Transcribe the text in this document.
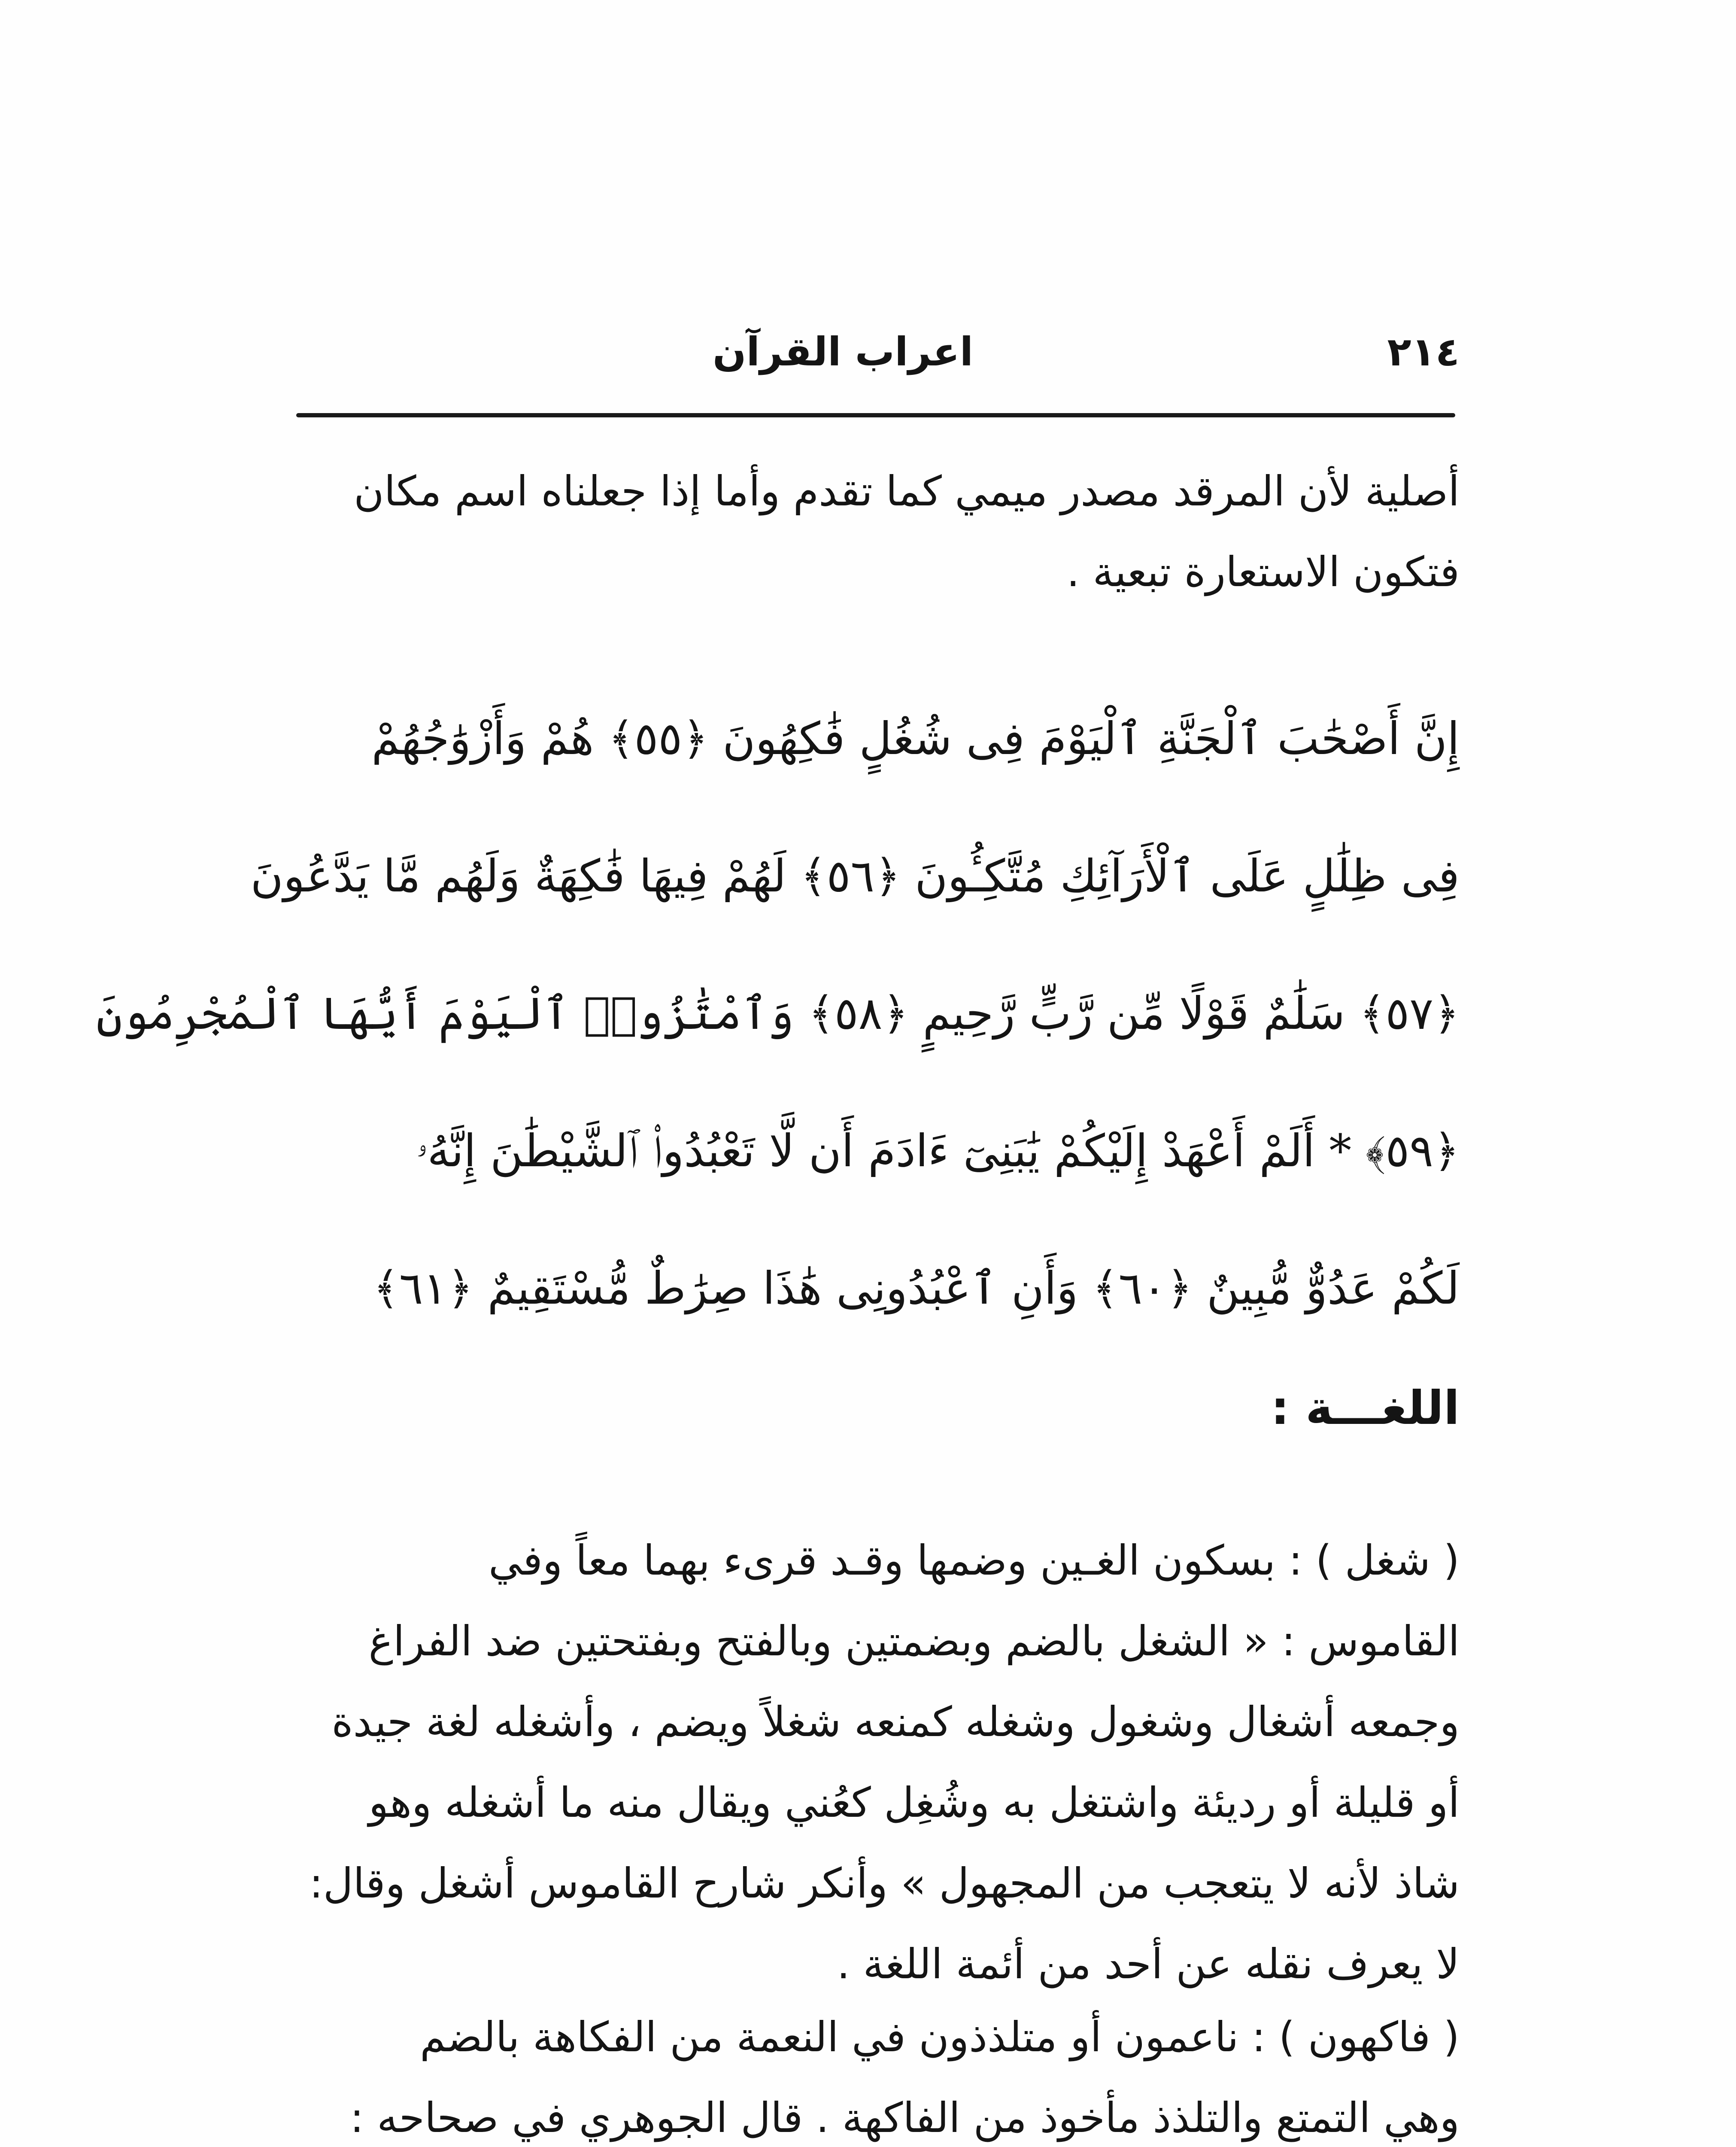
٢١٤
اعراب القرآن
أصلية لأن المرقد مصدر ميمي كما تقدم وأما إذا جعلناه اسم مكان
فتكون الاستعارة تبعية .
إِنَّ أَصْحَٰبَ ٱلْجَنَّةِ ٱلْيَوْمَ فِى شُغُلٍ فَٰكِهُونَ ﴿٥٥﴾ هُمْ وَأَزْوَٰجُهُمْ
فِى ظِلَٰلٍ عَلَى ٱلْأَرَآئِكِ مُتَّكِـُٔونَ ﴿٥٦﴾ لَهُمْ فِيهَا فَٰكِهَةٌ وَلَهُم مَّا يَدَّعُونَ
﴿٥٧﴾ سَلَٰمٌ قَوْلًا مِّن رَّبٍّ رَّحِيمٍ ﴿٥٨﴾ وَٱمْتَٰزُوا۟ ٱلْيَوْمَ أَيُّهَا ٱلْمُجْرِمُونَ
﴿٥٩﴾ * أَلَمْ أَعْهَدْ إِلَيْكُمْ يَٰبَنِىٓ ءَادَمَ أَن لَّا تَعْبُدُوا۟ ٱلشَّيْطَٰنَ إِنَّهُۥ
لَكُمْ عَدُوٌّ مُّبِينٌ ﴿٦٠﴾ وَأَنِ ٱعْبُدُونِى هَٰذَا صِرَٰطٌ مُّسْتَقِيمٌ ﴿٦١﴾
اللغـــة :
( شغل ) : بسكون الغـين وضمها وقـد قرىء بهما معاً وفي
القاموس : « الشغل بالضم وبضمتين وبالفتح وبفتحتين ضد الفراغ
وجمعه أشغال وشغول وشغله كمنعه شغلاً ويضم ، وأشغله لغة جيدة
أو قليلة أو رديئة واشتغل به وشُغِل كعُني ويقال منه ما أشغله وهو
شاذ لأنه لا يتعجب من المجهول » وأنكر شارح القاموس أشغل وقال:
لا يعرف نقله عن أحد من أئمة اللغة .
( فاكهون ) : ناعمون أو متلذذون في النعمة من الفكاهة بالضم
وهي التمتع والتلذذ مأخوذ من الفاكهة . قال الجوهري في صحاحه :
